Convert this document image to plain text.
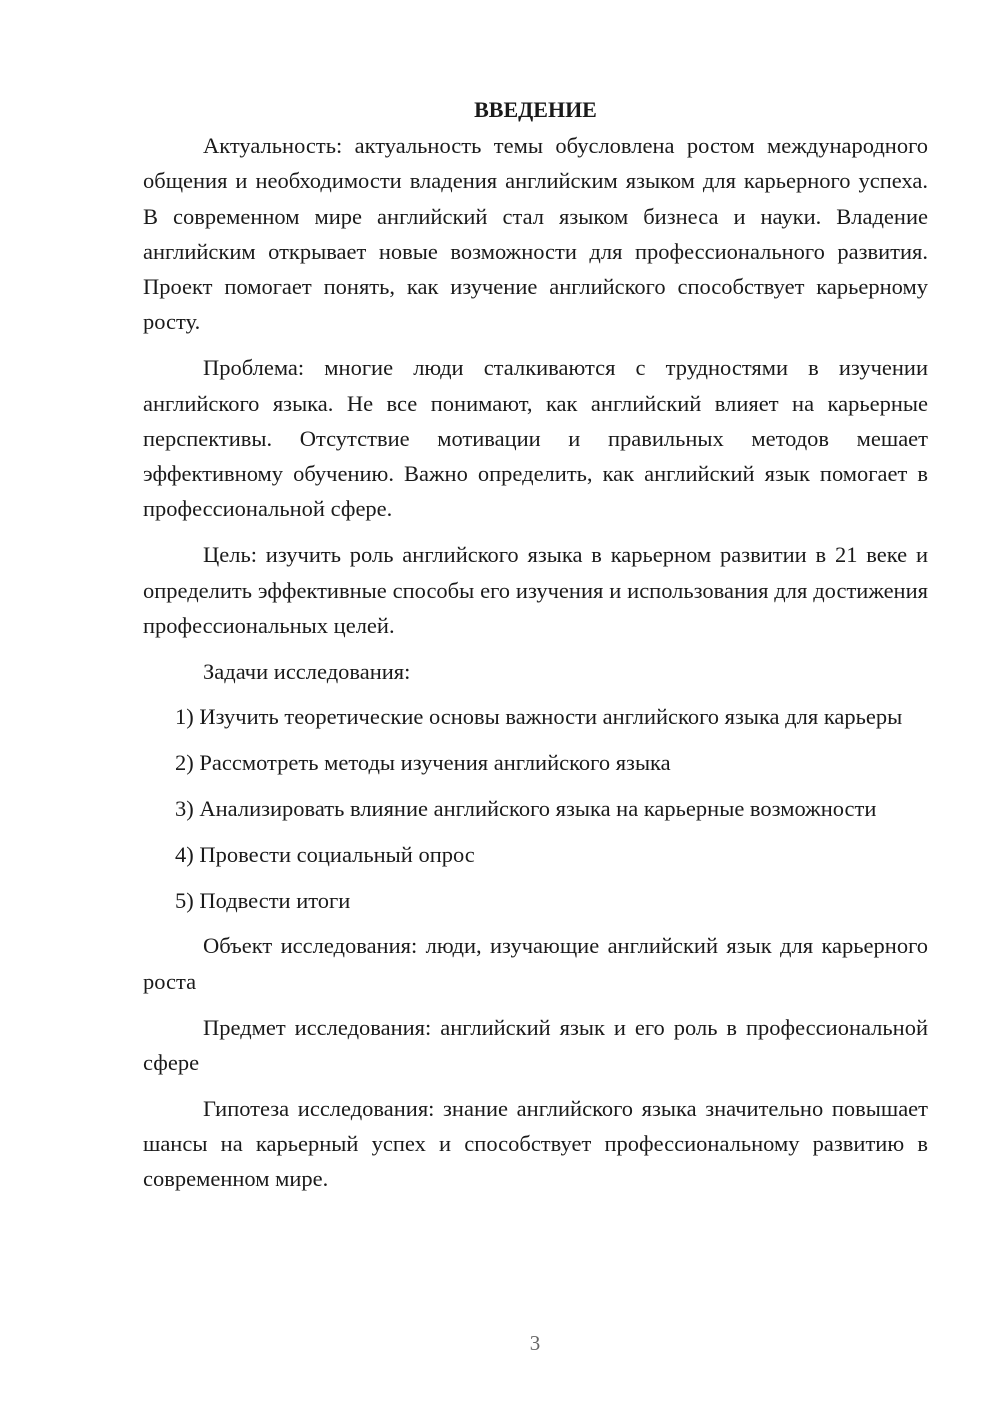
ВВЕДЕНИЕ

Актуальность: актуальность темы обусловлена ростом международного общения и необходимости владения английским языком для карьерного успеха. В современном мире английский стал языком бизнеса и науки. Владение английским открывает новые возможности для профессионального развития. Проект помогает понять, как изучение английского способствует карьерному росту.

Проблема: многие люди сталкиваются с трудностями в изучении английского языка. Не все понимают, как английский влияет на карьерные перспективы. Отсутствие мотивации и правильных методов мешает эффективному обучению. Важно определить, как английский язык помогает в профессиональной сфере.

Цель: изучить роль английского языка в карьерном развитии в 21 веке и определить эффективные способы его изучения и использования для достижения профессиональных целей.

Задачи исследования:

1) Изучить теоретические основы важности английского языка для карьеры

2) Рассмотреть методы изучения английского языка

3) Анализировать влияние английского языка на карьерные возможности

4) Провести социальный опрос

5) Подвести итоги

Объект исследования: люди, изучающие английский язык для карьерного роста

Предмет исследования: английский язык и его роль в профессиональной сфере

Гипотеза исследования: знание английского языка значительно повышает шансы на карьерный успех и способствует профессиональному развитию в современном мире.

3
